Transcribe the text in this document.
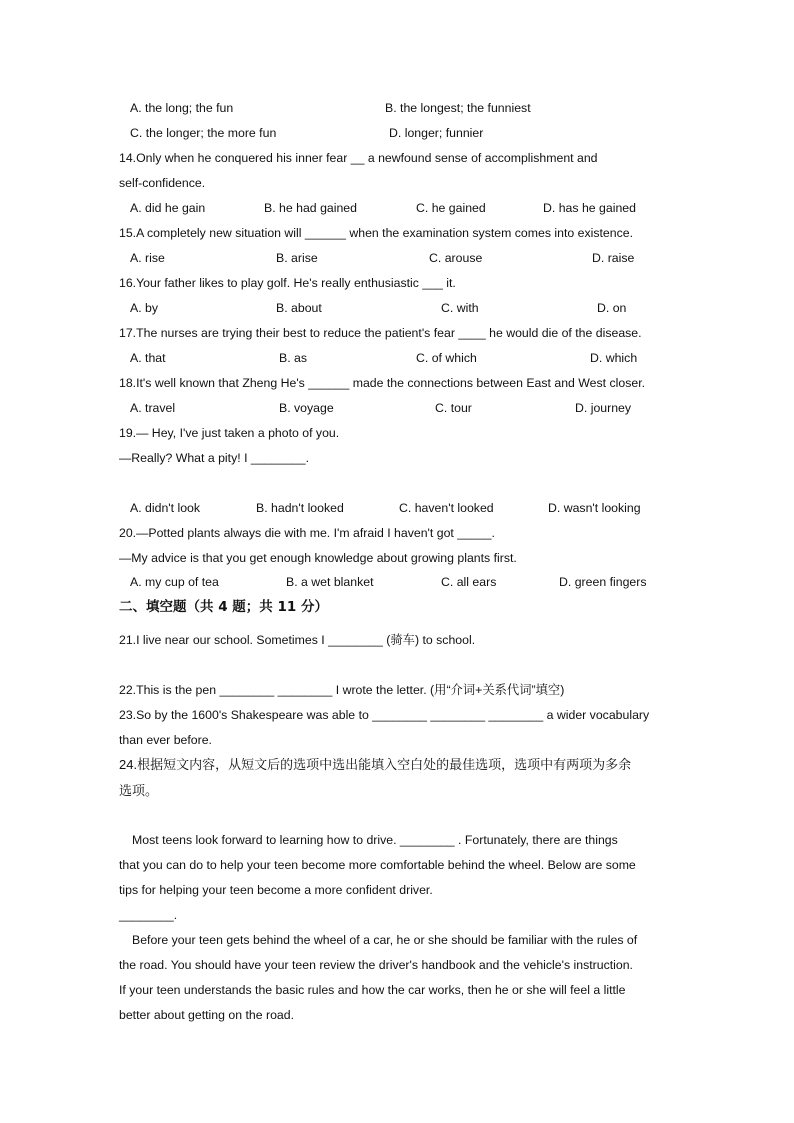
A. the long; the fun	B. the longest; the funniest
C. the longer; the more fun	D. longer; funnier
14.Only when he conquered his inner fear __ a newfound sense of accomplishment and
self-confidence.
A. did he gain	B. he had gained	C. he gained	D. has he gained
15.A completely new situation will ______ when the examination system comes into existence.
A. rise	B. arise	C. arouse	D. raise
16.Your father likes to play golf. He's really enthusiastic ___ it.
A. by	B. about	C. with	D. on
17.The nurses are trying their best to reduce the patient's fear ____ he would die of the disease.
A. that	B. as	C. of which	D. which
18.It's well known that Zheng He's ______ made the connections between East and West closer.
A. travel	B. voyage	C. tour	D. journey
19.— Hey, I've just taken a photo of you.
—Really? What a pity! I ________.
A. didn't look	B. hadn't looked	C. haven't looked	D. wasn't looking
20.—Potted plants always die with me. I'm afraid I haven't got _____.
—My advice is that you get enough knowledge about growing plants first.
A. my cup of tea	B. a wet blanket	C. all ears	D. green fingers
二、填空题（共 4 题；共 11 分）
21.I live near our school. Sometimes I ________ (骑车) to school.
22.This is the pen ________ ________ I wrote the letter. (用“介词+关系代词”填空)
23.So by the 1600's Shakespeare was able to ________ ________ ________ a wider vocabulary
than ever before.
24.根据短文内容，从短文后的选项中选出能填入空白处的最佳选项，选项中有两项为多余
选项。
Most teens look forward to learning how to drive. ________ . Fortunately, there are things
that you can do to help your teen become more comfortable behind the wheel. Below are some
tips for helping your teen become a more confident driver.
________.
Before your teen gets behind the wheel of a car, he or she should be familiar with the rules of
the road. You should have your teen review the driver's handbook and the vehicle's instruction.
If your teen understands the basic rules and how the car works, then he or she will feel a little
better about getting on the road.
